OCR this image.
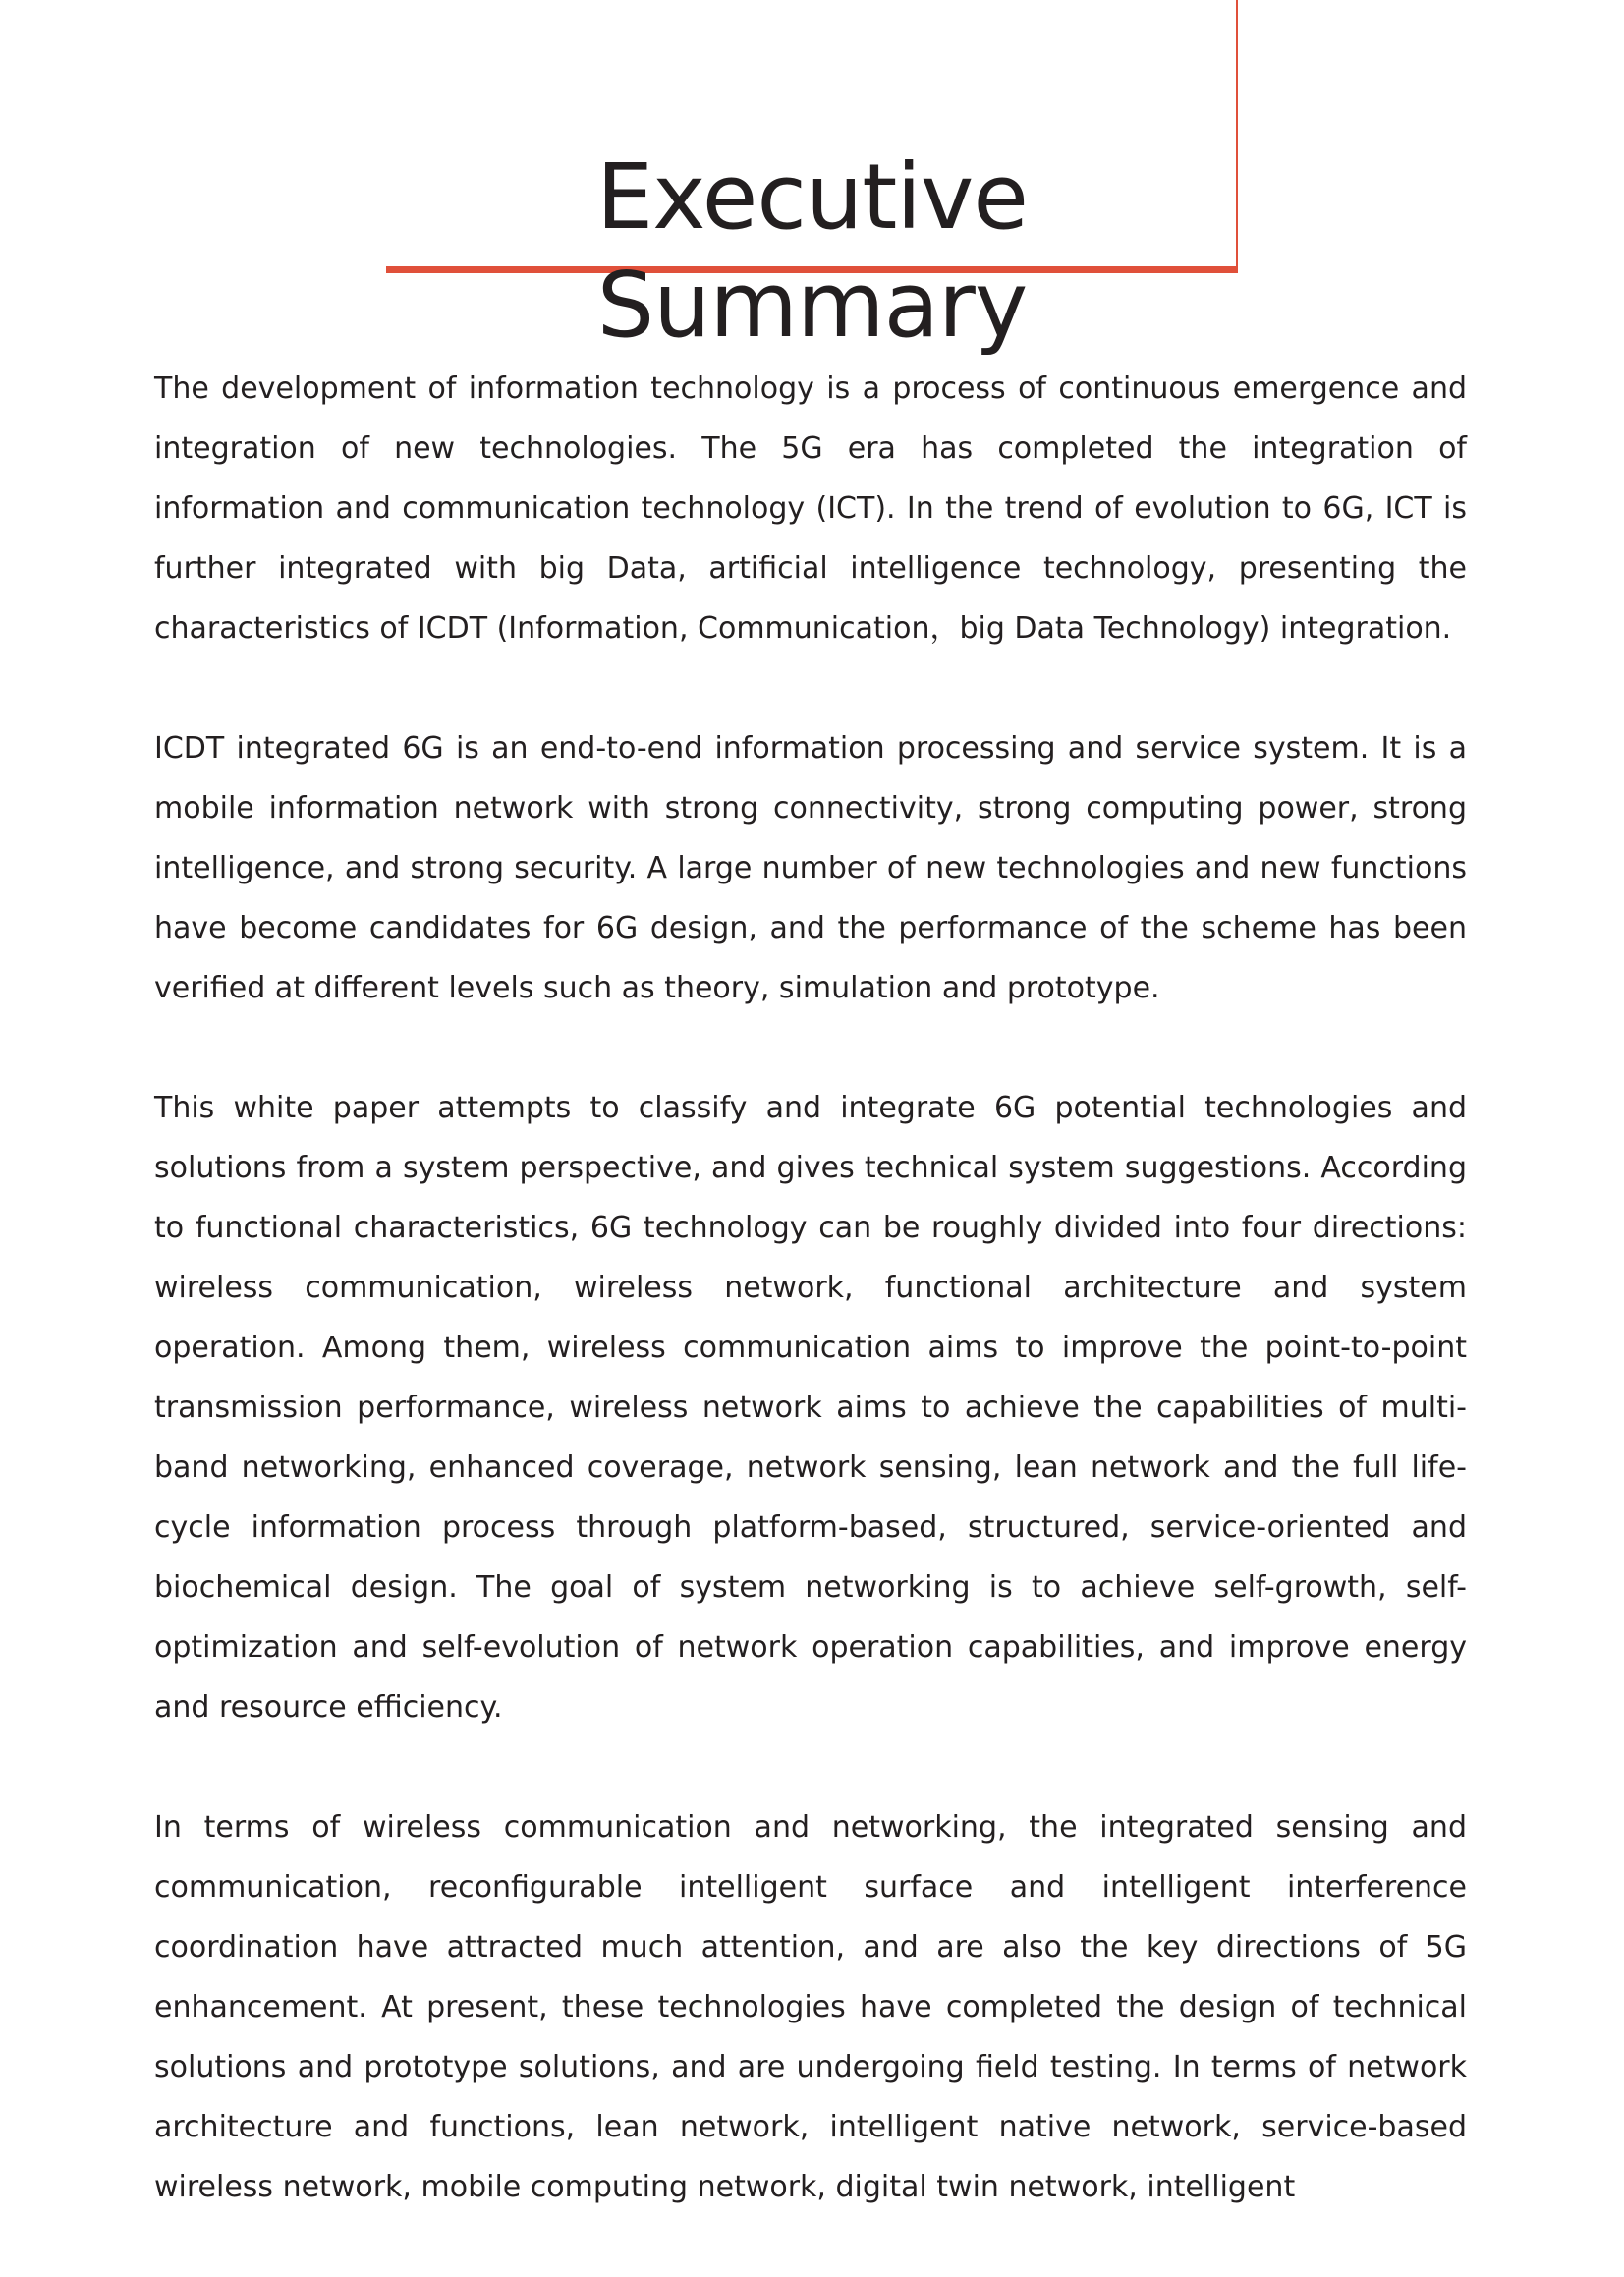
Executive Summary

The development of information technology is a process of continuous emergence and integration of new technologies. The 5G era has completed the integration of information and communication technology (ICT). In the trend of evolution to 6G, ICT is further integrated with big Data, artificial intelligence technology, presenting the characteristics of ICDT (Information, Communication，big Data Technology) integration.

ICDT integrated 6G is an end-to-end information processing and service system. It is a mobile information network with strong connectivity, strong computing power, strong intelligence, and strong security. A large number of new technologies and new functions have become candidates for 6G design, and the performance of the scheme has been verified at different levels such as theory, simulation and prototype.

This white paper attempts to classify and integrate 6G potential technologies and solutions from a system perspective, and gives technical system suggestions. According to functional characteristics, 6G technology can be roughly divided into four directions: wireless communication, wireless network, functional architecture and system operation. Among them, wireless communication aims to improve the point-to-point transmission performance, wireless network aims to achieve the capabilities of multi-band networking, enhanced coverage, network sensing, lean network and the full life-cycle information process through platform-based, structured, service-oriented and biochemical design. The goal of system networking is to achieve self-growth, self-optimization and self-evolution of network operation capabilities, and improve energy and resource efficiency.

In terms of wireless communication and networking, the integrated sensing and communication, reconfigurable intelligent surface and intelligent interference coordination have attracted much attention, and are also the key directions of 5G enhancement. At present, these technologies have completed the design of technical solutions and prototype solutions, and are undergoing field testing. In terms of network architecture and functions, lean network, intelligent native network, service-based wireless network, mobile computing network, digital twin network, intelligent
